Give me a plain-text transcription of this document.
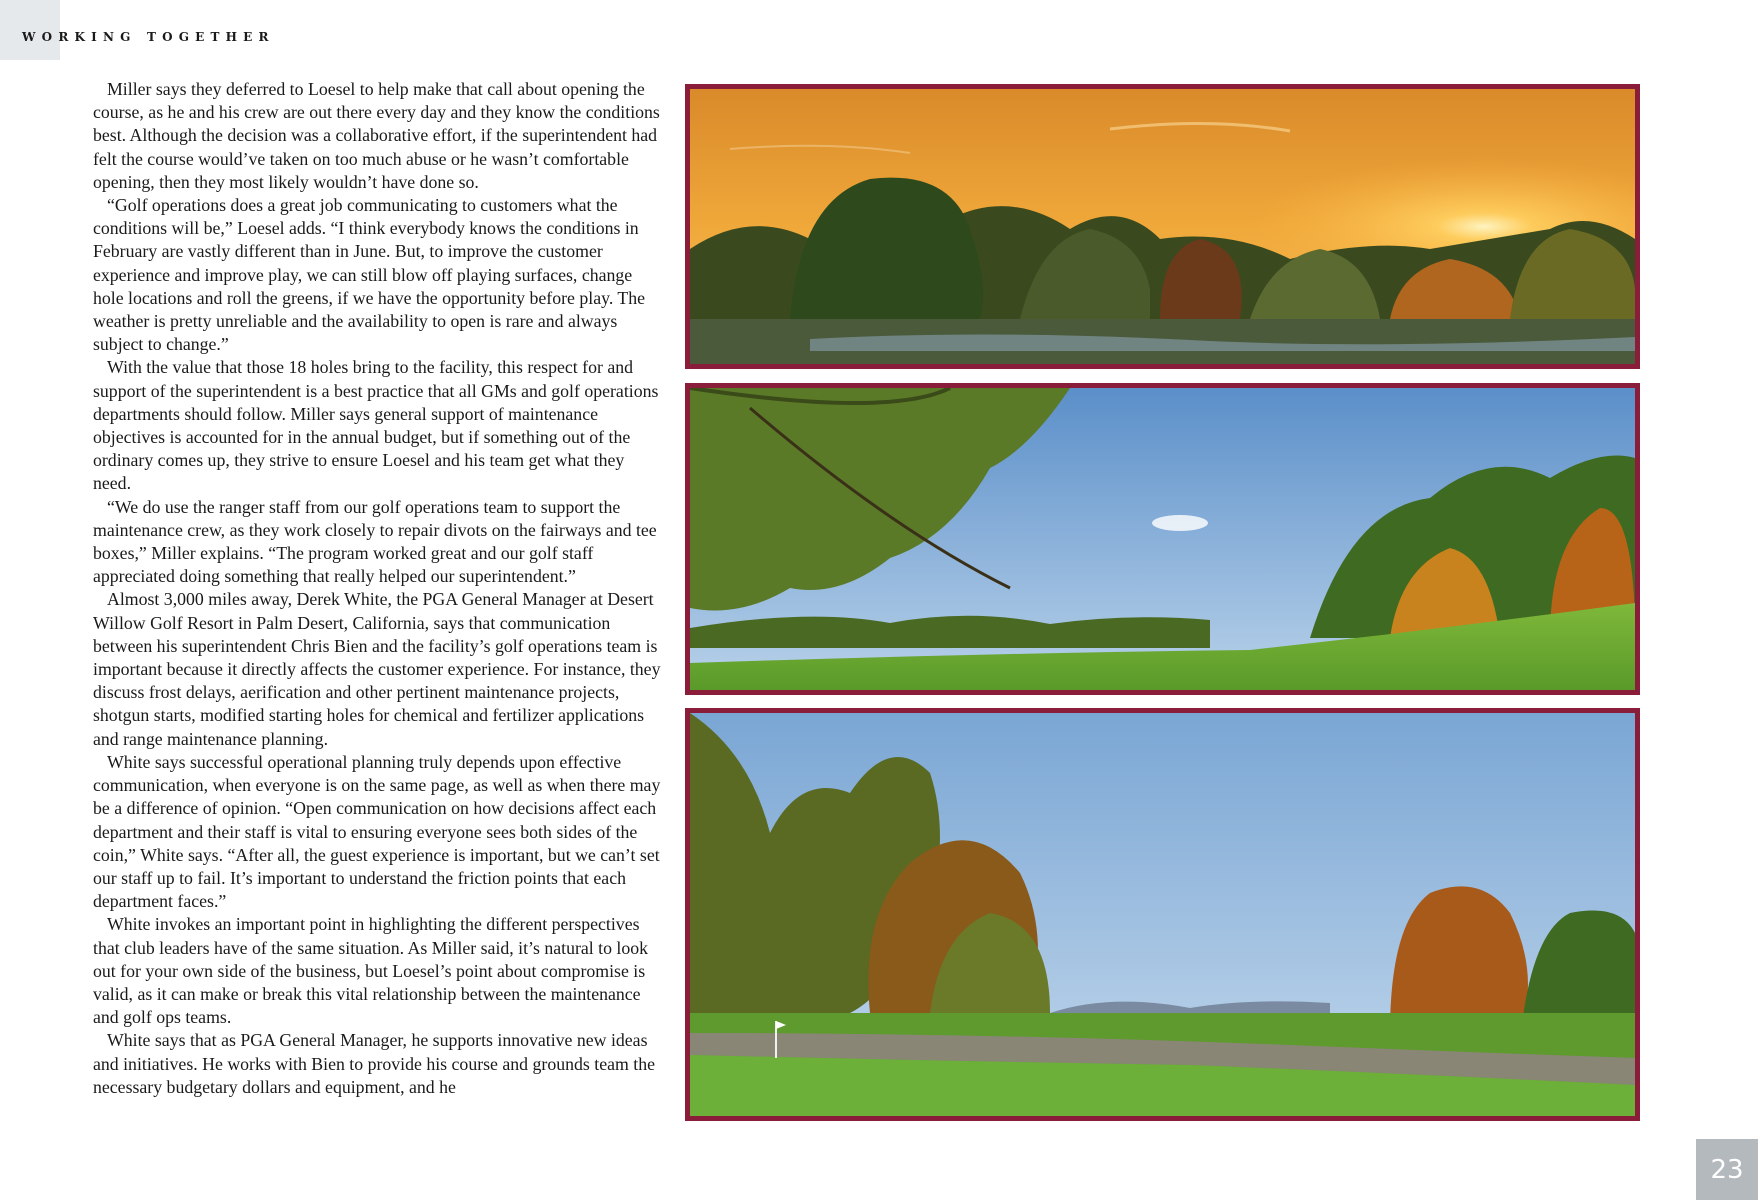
WORKING TOGETHER

Miller says they deferred to Loesel to help make that call about opening the course, as he and his crew are out there every day and they know the conditions best. Although the decision was a collaborative effort, if the superintendent had felt the course would’ve taken on too much abuse or he wasn’t comfortable opening, then they most likely wouldn’t have done so.

“Golf operations does a great job communicating to customers what the conditions will be,” Loesel adds. “I think everybody knows the conditions in February are vastly different than in June. But, to improve the customer experience and improve play, we can still blow off playing surfaces, change hole locations and roll the greens, if we have the opportunity before play. The weather is pretty unreliable and the availability to open is rare and always subject to change.”

With the value that those 18 holes bring to the facility, this respect for and support of the superintendent is a best practice that all GMs and golf operations departments should follow. Miller says general support of maintenance objectives is accounted for in the annual budget, but if something out of the ordinary comes up, they strive to ensure Loesel and his team get what they need.

“We do use the ranger staff from our golf operations team to support the maintenance crew, as they work closely to repair divots on the fairways and tee boxes,” Miller explains. “The program worked great and our golf staff appreciated doing something that really helped our superintendent.”

Almost 3,000 miles away, Derek White, the PGA General Manager at Desert Willow Golf Resort in Palm Desert, California, says that communication between his superintendent Chris Bien and the facility’s golf operations team is important because it directly affects the customer experience. For instance, they discuss frost delays, aerification and other pertinent maintenance projects, shotgun starts, modified starting holes for chemical and fertilizer applications and range maintenance planning.

White says successful operational planning truly depends upon effective communication, when everyone is on the same page, as well as when there may be a difference of opinion. “Open communication on how decisions affect each department and their staff is vital to ensuring everyone sees both sides of the coin,” White says. “After all, the guest experience is important, but we can’t set our staff up to fail. It’s important to understand the friction points that each department faces.”

White invokes an important point in highlighting the different perspectives that club leaders have of the same situation. As Miller said, it’s natural to look out for your own side of the business, but Loesel’s point about compromise is valid, as it can make or break this vital relationship between the maintenance and golf ops teams.

White says that as PGA General Manager, he supports innovative new ideas and initiatives. He works with Bien to provide his course and grounds team the necessary budgetary dollars and equipment, and he

23
